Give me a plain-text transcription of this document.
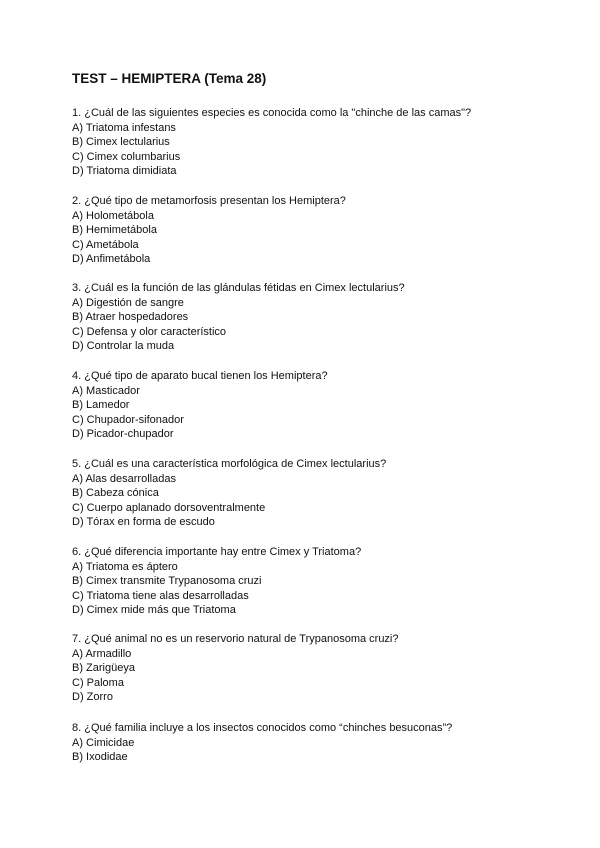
TEST – HEMIPTERA (Tema 28)

1. ¿Cuál de las siguientes especies es conocida como la "chinche de las camas"?

A) Triatoma infestans

B) Cimex lectularius

C) Cimex columbarius

D) Triatoma dimidiata

2. ¿Qué tipo de metamorfosis presentan los Hemiptera?

A) Holometábola

B) Hemimetábola

C) Ametábola

D) Anfimetábola

3. ¿Cuál es la función de las glándulas fétidas en Cimex lectularius?

A) Digestión de sangre

B) Atraer hospedadores

C) Defensa y olor característico

D) Controlar la muda

4. ¿Qué tipo de aparato bucal tienen los Hemiptera?

A) Masticador

B) Lamedor

C) Chupador-sifonador

D) Picador-chupador

5. ¿Cuál es una característica morfológica de Cimex lectularius?

A) Alas desarrolladas

B) Cabeza cónica

C) Cuerpo aplanado dorsoventralmente

D) Tórax en forma de escudo

6. ¿Qué diferencia importante hay entre Cimex y Triatoma?

A) Triatoma es áptero

B) Cimex transmite Trypanosoma cruzi

C) Triatoma tiene alas desarrolladas

D) Cimex mide más que Triatoma

7. ¿Qué animal no es un reservorio natural de Trypanosoma cruzi?

A) Armadillo

B) Zarigüeya

C) Paloma

D) Zorro

8. ¿Qué familia incluye a los insectos conocidos como “chinches besuconas”?

A) Cimicidae

B) Ixodidae
